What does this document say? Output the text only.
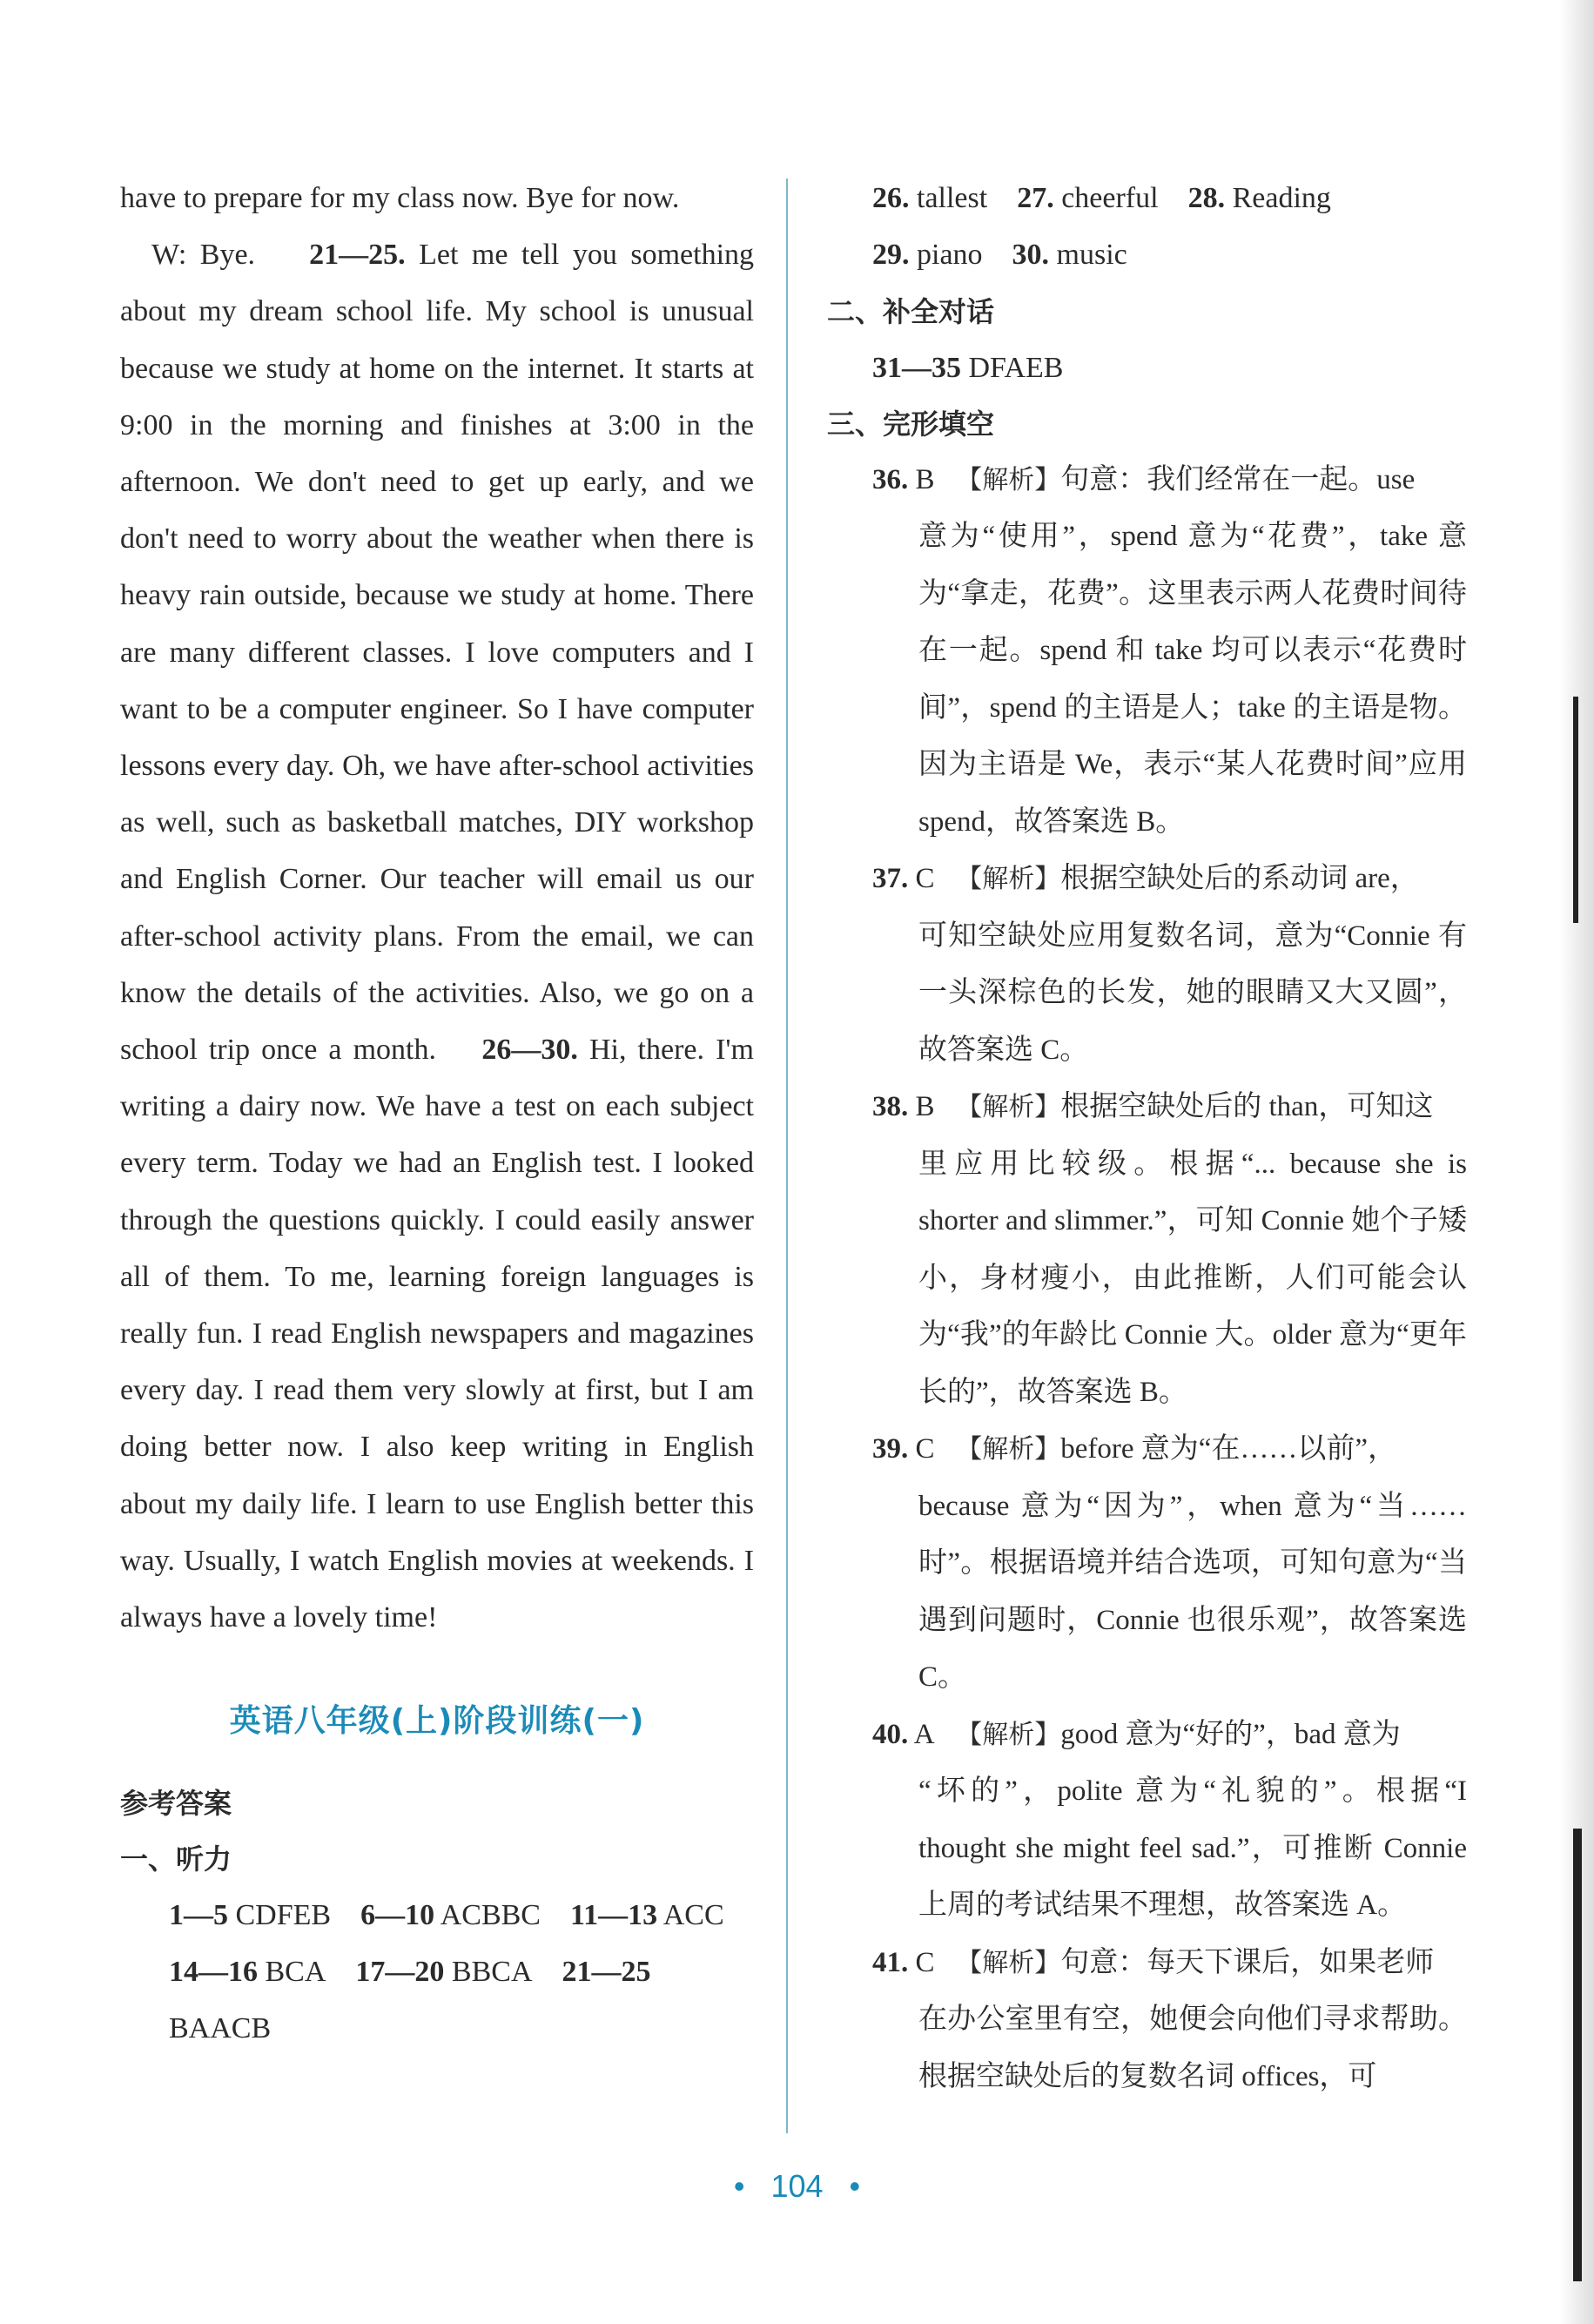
have to prepare for my class now. Bye for now.

W: Bye. 21—25. Let me tell you something about my dream school life. My school is unusual because we study at home on the internet. It starts at 9:00 in the morning and finishes at 3:00 in the afternoon. We don't need to get up early, and we don't need to worry about the weather when there is heavy rain outside, because we study at home. There are many different classes. I love computers and I want to be a computer engineer. So I have computer lessons every day. Oh, we have after-school activities as well, such as basketball matches, DIY workshop and English Corner. Our teacher will email us our after-school activity plans. From the email, we can know the details of the activities. Also, we go on a school trip once a month. 26—30. Hi, there. I'm writing a dairy now. We have a test on each subject every term. Today we had an English test. I looked through the questions quickly. I could easily answer all of them. To me, learning foreign languages is really fun. I read English newspapers and magazines every day. I read them very slowly at first, but I am doing better now. I also keep writing in English about my daily life. I learn to use English better this way. Usually, I watch English movies at weekends. I always have a lovely time!

英语八年级(上)阶段训练(一)

参考答案

一、听力

1—5 CDFEB 6—10 ACBBC 11—13 ACC

14—16 BCA 17—20 BBCA 21—25 BAACB

26. tallest 27. cheerful 28. Reading

29. piano 30. music

二、补全对话

31—35 DFAEB

三、完形填空

36. B 【解析】句意：我们经常在一起。use

意为“使用”，spend 意为“花费”，take 意为“拿走，花费”。这里表示两人花费时间待在一起。spend 和 take 均可以表示“花费时间”，spend 的主语是人；take 的主语是物。因为主语是 We，表示“某人花费时间”应用 spend，故答案选 B。

37. C 【解析】根据空缺处后的系动词 are，

可知空缺处应用复数名词，意为“Connie 有一头深棕色的长发，她的眼睛又大又圆”，故答案选 C。

38. B 【解析】根据空缺处后的 than，可知这

里应用比较级。根据“... because she is shorter and slimmer.”，可知 Connie 她个子矮小，身材瘦小，由此推断，人们可能会认为“我”的年龄比 Connie 大。older 意为“更年长的”，故答案选 B。

39. C 【解析】before 意为“在……以前”，

because 意为“因为”，when 意为“当……时”。根据语境并结合选项，可知句意为“当遇到问题时，Connie 也很乐观”，故答案选 C。

40. A 【解析】good 意为“好的”，bad 意为

“坏的”，polite 意为“礼貌的”。根据“I thought she might feel sad.”，可推断 Connie 上周的考试结果不理想，故答案选 A。

41. C 【解析】句意：每天下课后，如果老师

在办公室里有空，她便会向他们寻求帮助。根据空缺处后的复数名词 offices，可

• 104 •
